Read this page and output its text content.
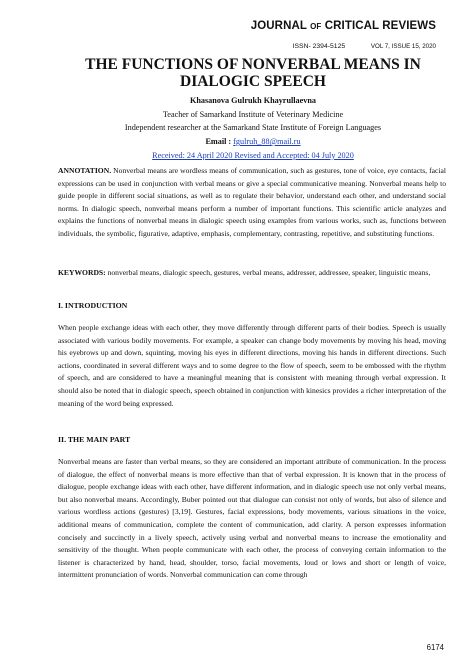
JOURNAL OF CRITICAL REVIEWS
ISSN- 2394-5125	VOL 7, ISSUE 15, 2020
THE FUNCTIONS OF NONVERBAL MEANS IN DIALOGIC SPEECH
Khasanova Gulrukh Khayrullaevna
Teacher of Samarkand Institute of Veterinary Medicine
Independent researcher at the Samarkand State Institute of Foreign Languages
Email : fgulruh_88@mail.ru
Received: 24 April 2020 Revised and Accepted: 04 July 2020

ANNOTATION. Nonverbal means are wordless means of communication, such as gestures, tone of voice, eye contacts, facial expressions can be used in conjunction with verbal means or give a special communicative meaning. Nonverbal means help to guide people in different social situations, as well as to regulate their behavior, understand each other, and understand social norms. In dialogic speech, nonverbal means perform a number of important functions. This scientific article analyzes and explains the functions of nonverbal means in dialogic speech using examples from various works, such as, functions between individuals, the symbolic, figurative, adaptive, emphasis, complementary, contrasting, repetitive, and substituting functions.

KEYWORDS: nonverbal means, dialogic speech, gestures, verbal means, addresser, addressee, speaker, linguistic means,

I. INTRODUCTION

When people exchange ideas with each other, they move differently through different parts of their bodies. Speech is usually associated with various bodily movements. For example, a speaker can change body movements by moving his head, moving his eyebrows up and down, squinting, moving his eyes in different directions, moving his hands in different directions. Such actions, coordinated in several different ways and to some degree to the flow of speech, seem to be embossed with the rhythm of speech, and are considered to have a meaningful meaning that is consistent with meaning through verbal expression. It should also be noted that in dialogic speech, speech obtained in conjunction with kinesics provides a richer interpretation of the meaning of the word being expressed.

II. THE MAIN PART

Nonverbal means are faster than verbal means, so they are considered an important attribute of communication. In the process of dialogue, the effect of nonverbal means is more effective than that of verbal expression. It is known that in the process of dialogue, people exchange ideas with each other, have different information, and in dialogic speech use not only verbal means, but also nonverbal means. Accordingly, Buber pointed out that dialogue can consist not only of words, but also of silence and various wordless actions (gestures) [3,19]. Gestures, facial expressions, body movements, various situations in the voice, additional means of communication, complete the content of communication, add clarity. A person expresses information concisely and succinctly in a lively speech, actively using verbal and nonverbal means to increase the emotionality and sensitivity of the thought. When people communicate with each other, the process of conveying certain information to the listener is characterized by hand, head, shoulder, torso, facial movements, loud or lows and short or length of voice, intermittent pronunciation of words. Nonverbal communication can come through

6174
